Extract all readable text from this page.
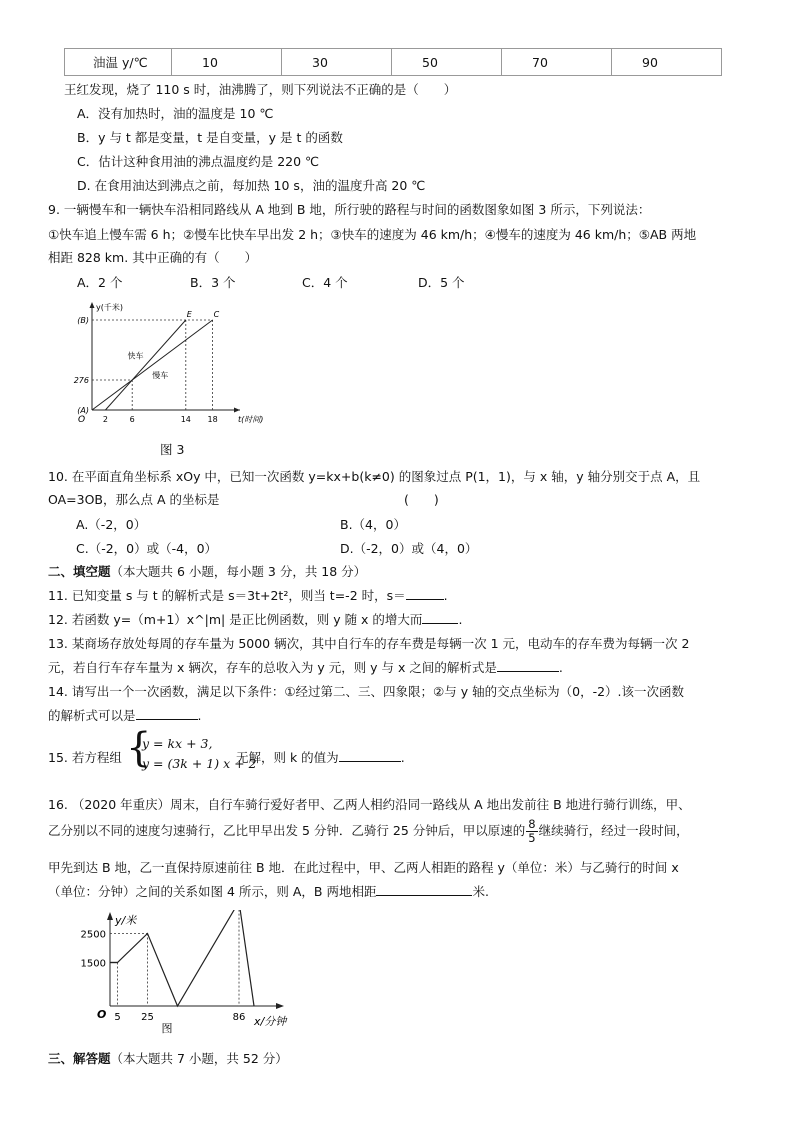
油温 y/℃	10	30	50	70	90
王红发现，烧了 110 s 时，油沸腾了，则下列说法不正确的是（　　）
A．没有加热时，油的温度是 10 ℃
B．y 与 t 都是变量，t 是自变量，y 是 t 的函数
C．估计这种食用油的沸点温度约是 220 ℃
D. 在食用油达到沸点之前，每加热 10 s，油的温度升高 20 ℃
9. 一辆慢车和一辆快车沿相同路线从 A 地到 B 地，所行驶的路程与时间的函数图象如图 3 所示，下列说法：
①快车追上慢车需 6 h；②慢车比快车早出发 2 h；③快车的速度为 46 km/h；④慢车的速度为 46 km/h；⑤AB 两地
相距 828 km. 其中正确的有（　　）
A．2 个	B．3 个	C．4 个	D．5 个
y(千米)
t(时间)
O
(A)
276
(B)
2	6	14 18
E	C
快车
慢车
图 3
10. 在平面直角坐标系 xOy 中，已知一次函数 y=kx+b(k≠0) 的图象过点 P(1，1)，与 x 轴，y 轴分别交于点 A，且
OA=3OB，那么点 A 的坐标是	(　　)
A.（-2，0）	B.（4，0）
C.（-2，0）或（-4，0）	D.（-2，0）或（4，0）
二、填空题（本大题共 6 小题，每小题 3 分，共 18 分）
11. 已知变量 s 与 t 的解析式是 s＝3t+2t²，则当 t=-2 时，s＝	.
12. 若函数 y=（m+1）x^|m| 是正比例函数，则 y 随 x 的增大而	.
13. 某商场存放处每周的存车量为 5000 辆次，其中自行车的存车费是每辆一次 1 元，电动车的存车费为每辆一次 2
元，若自行车存车量为 x 辆次，存车的总收入为 y 元，则 y 与 x 之间的解析式是	.
14. 请写出一个一次函数，满足以下条件：①经过第二、三、四象限；②与 y 轴的交点坐标为（0，-2）.该一次函数
的解析式可以是	.
15. 若方程组 {
y = kx + 3,
y = (3k + 1) x + 2
无解，则 k 的值为	.
16. （2020 年重庆）周末，自行车骑行爱好者甲、乙两人相约沿同一路线从 A 地出发前往 B 地进行骑行训练，甲、
乙分别以不同的速度匀速骑行，乙比甲早出发 5 分钟．乙骑行 25 分钟后，甲以原速的 $\frac{8}{5}$ 继续骑行，经过一段时间，
甲先到达 B 地，乙一直保持原速前往 B 地．在此过程中，甲、乙两人相距的路程 y（单位：米）与乙骑行的时间 x
（单位：分钟）之间的关系如图 4 所示，则 A，B 两地相距	米.
y/米
x/分钟
O
1500
2500
5 25	86
图
三、解答题（本大题共 7 小题，共 52 分）
